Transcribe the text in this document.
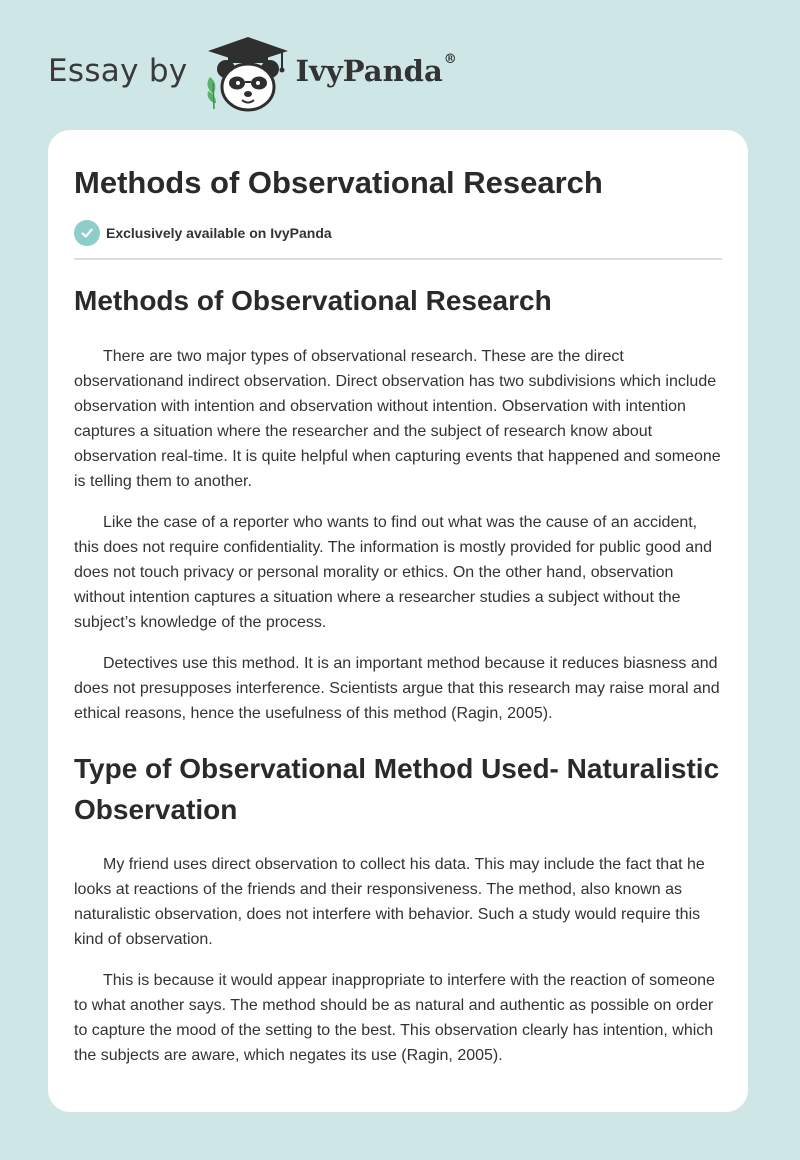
Essay by	IvyPanda®
Methods of Observational Research
Exclusively available on IvyPanda
Methods of Observational Research

There are two major types of observational research. These are the direct observationand indirect observation. Direct observation has two subdivisions which include observation with intention and observation without intention. Observation with intention captures a situation where the researcher and the subject of research know about observation real-time. It is quite helpful when capturing events that happened and someone is telling them to another.

Like the case of a reporter who wants to find out what was the cause of an accident, this does not require confidentiality. The information is mostly provided for public good and does not touch privacy or personal morality or ethics. On the other hand, observation without intention captures a situation where a researcher studies a subject without the subject’s knowledge of the process.

Detectives use this method. It is an important method because it reduces biasness and does not presupposes interference. Scientists argue that this research may raise moral and ethical reasons, hence the usefulness of this method (Ragin, 2005).

Type of Observational Method Used- Naturalistic Observation

My friend uses direct observation to collect his data. This may include the fact that he looks at reactions of the friends and their responsiveness. The method, also known as naturalistic observation, does not interfere with behavior. Such a study would require this kind of observation.

This is because it would appear inappropriate to interfere with the reaction of someone to what another says. The method should be as natural and authentic as possible on order to capture the mood of the setting to the best. This observation clearly has intention, which the subjects are aware, which negates its use (Ragin, 2005).
